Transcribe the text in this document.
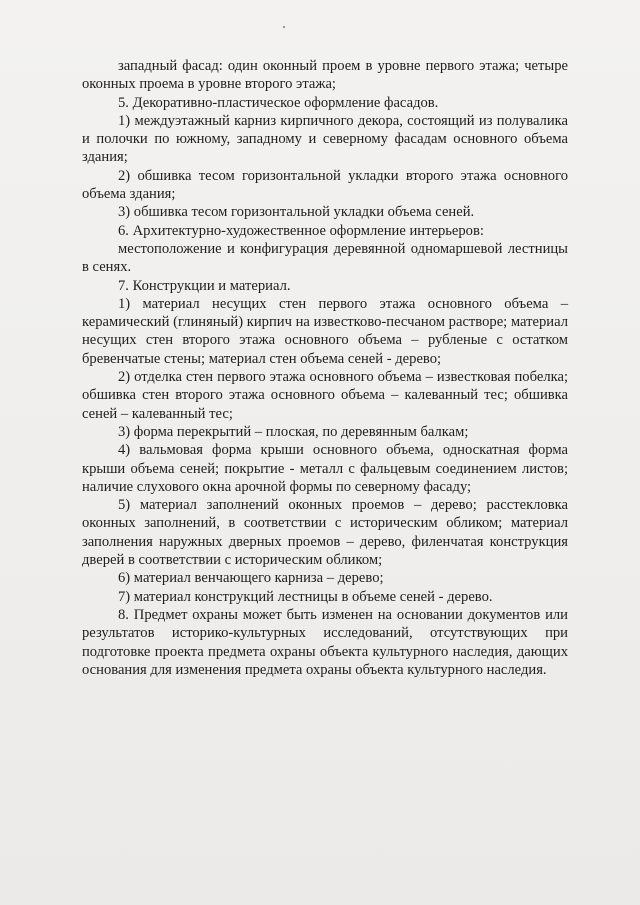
западный фасад: один оконный проем в уровне первого этажа; четыре оконных проема в уровне второго этажа;

5. Декоративно-пластическое оформление фасадов.

1) междуэтажный карниз кирпичного декора, состоящий из полувалика и полочки по южному, западному и северному фасадам основного объема здания;

2) обшивка тесом горизонтальной укладки второго этажа основного объема здания;

3) обшивка тесом горизонтальной укладки объема сеней.

6. Архитектурно-художественное оформление интерьеров:

местоположение и конфигурация деревянной одномаршевой лестницы в сенях.

7. Конструкции и материал.

1) материал несущих стен первого этажа основного объема – керамический (глиняный) кирпич на известково-песчаном растворе; материал несущих стен второго этажа основного объема – рубленые с остатком бревенчатые стены; материал стен объема сеней - дерево;

2) отделка стен первого этажа основного объема – известковая побелка; обшивка стен второго этажа основного объема – калеванный тес; обшивка сеней – калеванный тес;

3) форма перекрытий – плоская, по деревянным балкам;

4) вальмовая форма крыши основного объема, односкатная форма крыши объема сеней; покрытие - металл с фальцевым соединением листов; наличие слухового окна арочной формы по северному фасаду;

5) материал заполнений оконных проемов – дерево; расстекловка оконных заполнений, в соответствии с историческим обликом; материал заполнения наружных дверных проемов – дерево, филенчатая конструкция дверей в соответствии с историческим обликом;

6) материал венчающего карниза – дерево;

7) материал конструкций лестницы в объеме сеней - дерево.

8. Предмет охраны может быть изменен на основании документов или результатов историко-культурных исследований, отсутствующих при подготовке проекта предмета охраны объекта культурного наследия, дающих основания для изменения предмета охраны объекта культурного наследия.
